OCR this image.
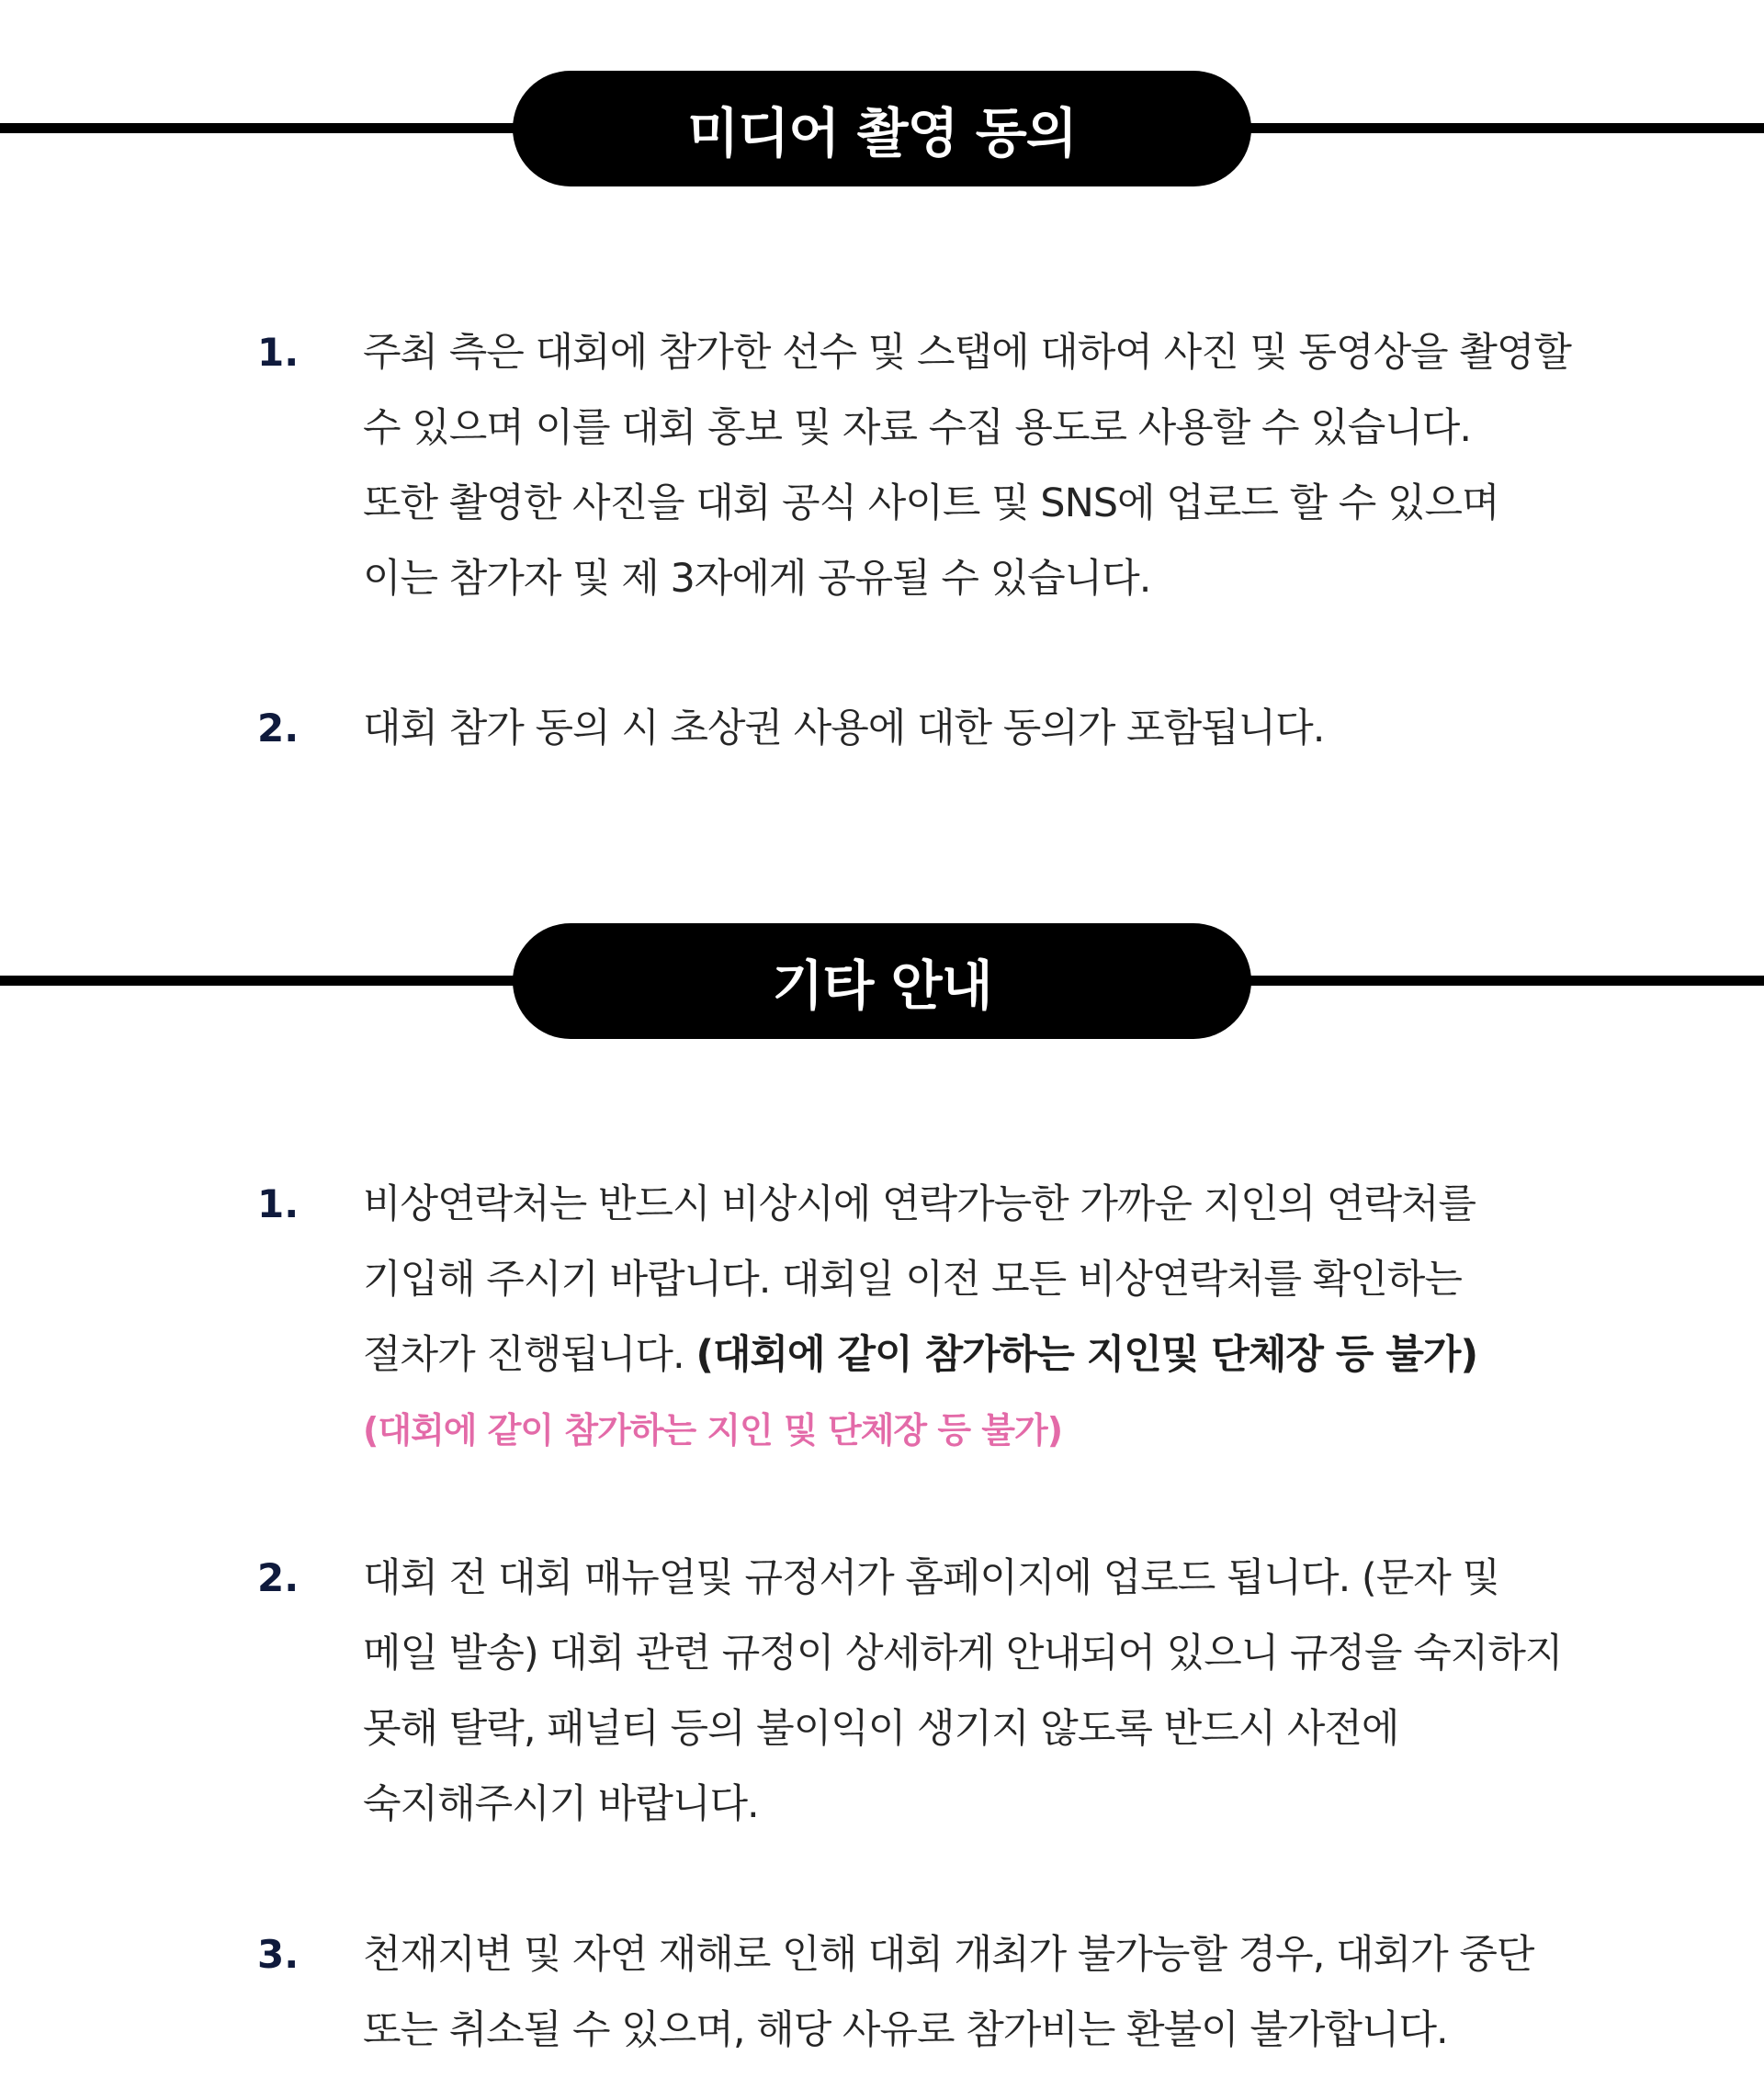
미디어 촬영 동의
1. 주최 측은 대회에 참가한 선수 및 스탭에 대하여 사진 및 동영상을 촬영할
수 있으며 이를 대회 홍보 및 자료 수집 용도로 사용할 수 있습니다.
또한 촬영한 사진을 대회 공식 사이트 및 SNS에 업로드 할 수 있으며
이는 참가자 및 제 3자에게 공유될 수 있습니다.
2. 대회 참가 동의 시 초상권 사용에 대한 동의가 포함됩니다.
기타 안내
1. 비상연락처는 반드시 비상시에 연락가능한 가까운 지인의 연락처를
기입해 주시기 바랍니다. 대회일 이전 모든 비상연락처를 확인하는
절차가 진행됩니다. (대회에 같이 참가하는 지인및 단체장 등 불가)
(대회에 같이 참가하는 지인 및 단체장 등 불가)
2. 대회 전 대회 매뉴얼및 규정서가 홈페이지에 업로드 됩니다. (문자 및
메일 발송) 대회 관련 규정이 상세하게 안내되어 있으니 규정을 숙지하지
못해 탈락, 패널티 등의 불이익이 생기지 않도록 반드시 사전에
숙지해주시기 바랍니다.
3. 천재지변 및 자연 재해로 인해 대회 개최가 불가능할 경우, 대회가 중단
또는 취소될 수 있으며, 해당 사유로 참가비는 환불이 불가합니다.
